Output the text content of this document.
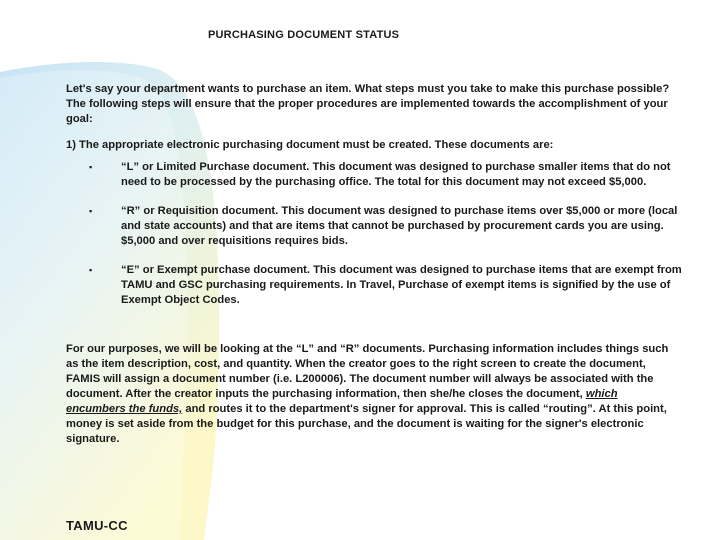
PURCHASING DOCUMENT STATUS

Let's say your department wants to purchase an item. What steps must you take to make this purchase possible? The following steps will ensure that the proper procedures are implemented towards the accomplishment of your goal:

1) The appropriate electronic purchasing document must be created. These documents are:

▪	“L” or Limited Purchase document. This document was designed to purchase smaller items that do not need to be processed by the purchasing office. The total for this document may not exceed $5,000.
▪	“R” or Requisition document. This document was designed to purchase items over $5,000 or more (local and state accounts) and that are items that cannot be purchased by procurement cards you are using. $5,000 and over requisitions requires bids.
▪	“E” or Exempt purchase document. This document was designed to purchase items that are exempt from TAMU and GSC purchasing requirements. In Travel, Purchase of exempt items is signified by the use of Exempt Object Codes.

For our purposes, we will be looking at the “L” and “R” documents. Purchasing information includes things such as the item description, cost, and quantity. When the creator goes to the right screen to create the document, FAMIS will assign a document number (i.e. L200006). The document number will always be associated with the document. After the creator inputs the purchasing information, then she/he closes the document, which encumbers the funds, and routes it to the department's signer for approval. This is called “routing”. At this point, money is set aside from the budget for this purchase, and the document is waiting for the signer's electronic signature.

TAMU-CC
